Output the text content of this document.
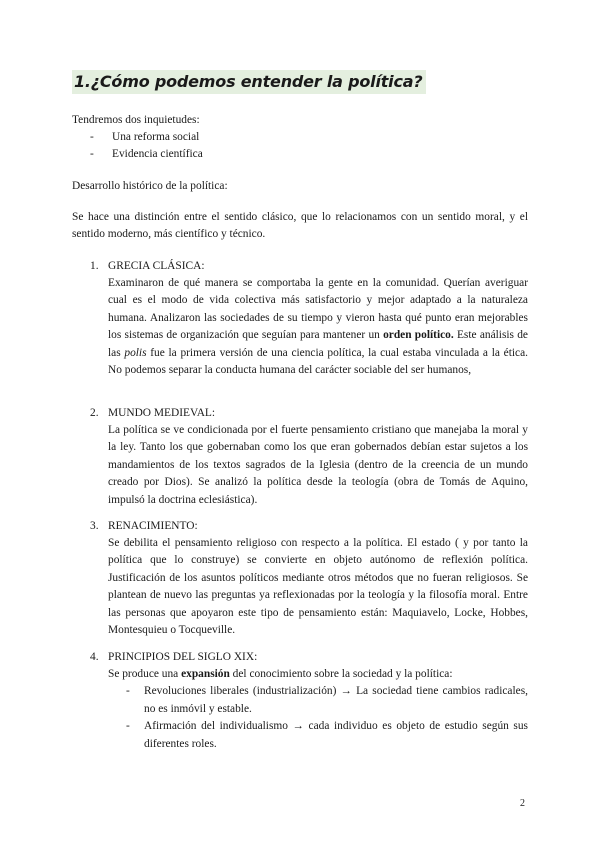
1.¿Cómo podemos entender la política?
Tendremos dos inquietudes:
- Una reforma social
- Evidencia científica
Desarrollo histórico de la política:
Se hace una distinción entre el sentido clásico, que lo relacionamos con un sentido moral, y el sentido moderno, más científico y técnico.
1. GRECIA CLÁSICA:
Examinaron de qué manera se comportaba la gente en la comunidad. Querían averiguar cual es el modo de vida colectiva más satisfactorio y mejor adaptado a la naturaleza humana. Analizaron las sociedades de su tiempo y vieron hasta qué punto eran mejorables los sistemas de organización que seguían para mantener un orden político. Este análisis de las polis fue la primera versión de una ciencia política, la cual estaba vinculada a la ética. No podemos separar la conducta humana del carácter sociable del ser humanos,
2. MUNDO MEDIEVAL:
La política se ve condicionada por el fuerte pensamiento cristiano que manejaba la moral y la ley. Tanto los que gobernaban como los que eran gobernados debían estar sujetos a los mandamientos de los textos sagrados de la Iglesia (dentro de la creencia de un mundo creado por Dios). Se analizó la política desde la teología (obra de Tomás de Aquino, impulsó la doctrina eclesiástica).
3. RENACIMIENTO:
Se debilita el pensamiento religioso con respecto a la política. El estado ( y por tanto la política que lo construye) se convierte en objeto autónomo de reflexión política. Justificación de los asuntos políticos mediante otros métodos que no fueran religiosos. Se plantean de nuevo las preguntas ya reflexionadas por la teología y la filosofía moral. Entre las personas que apoyaron este tipo de pensamiento están: Maquiavelo, Locke, Hobbes, Montesquieu o Tocqueville.
4. PRINCIPIOS DEL SIGLO XIX:
Se produce una expansión del conocimiento sobre la sociedad y la política:
- Revoluciones liberales (industrialización) → La sociedad tiene cambios radicales, no es inmóvil y estable.
- Afirmación del individualismo → cada individuo es objeto de estudio según sus diferentes roles.
2
